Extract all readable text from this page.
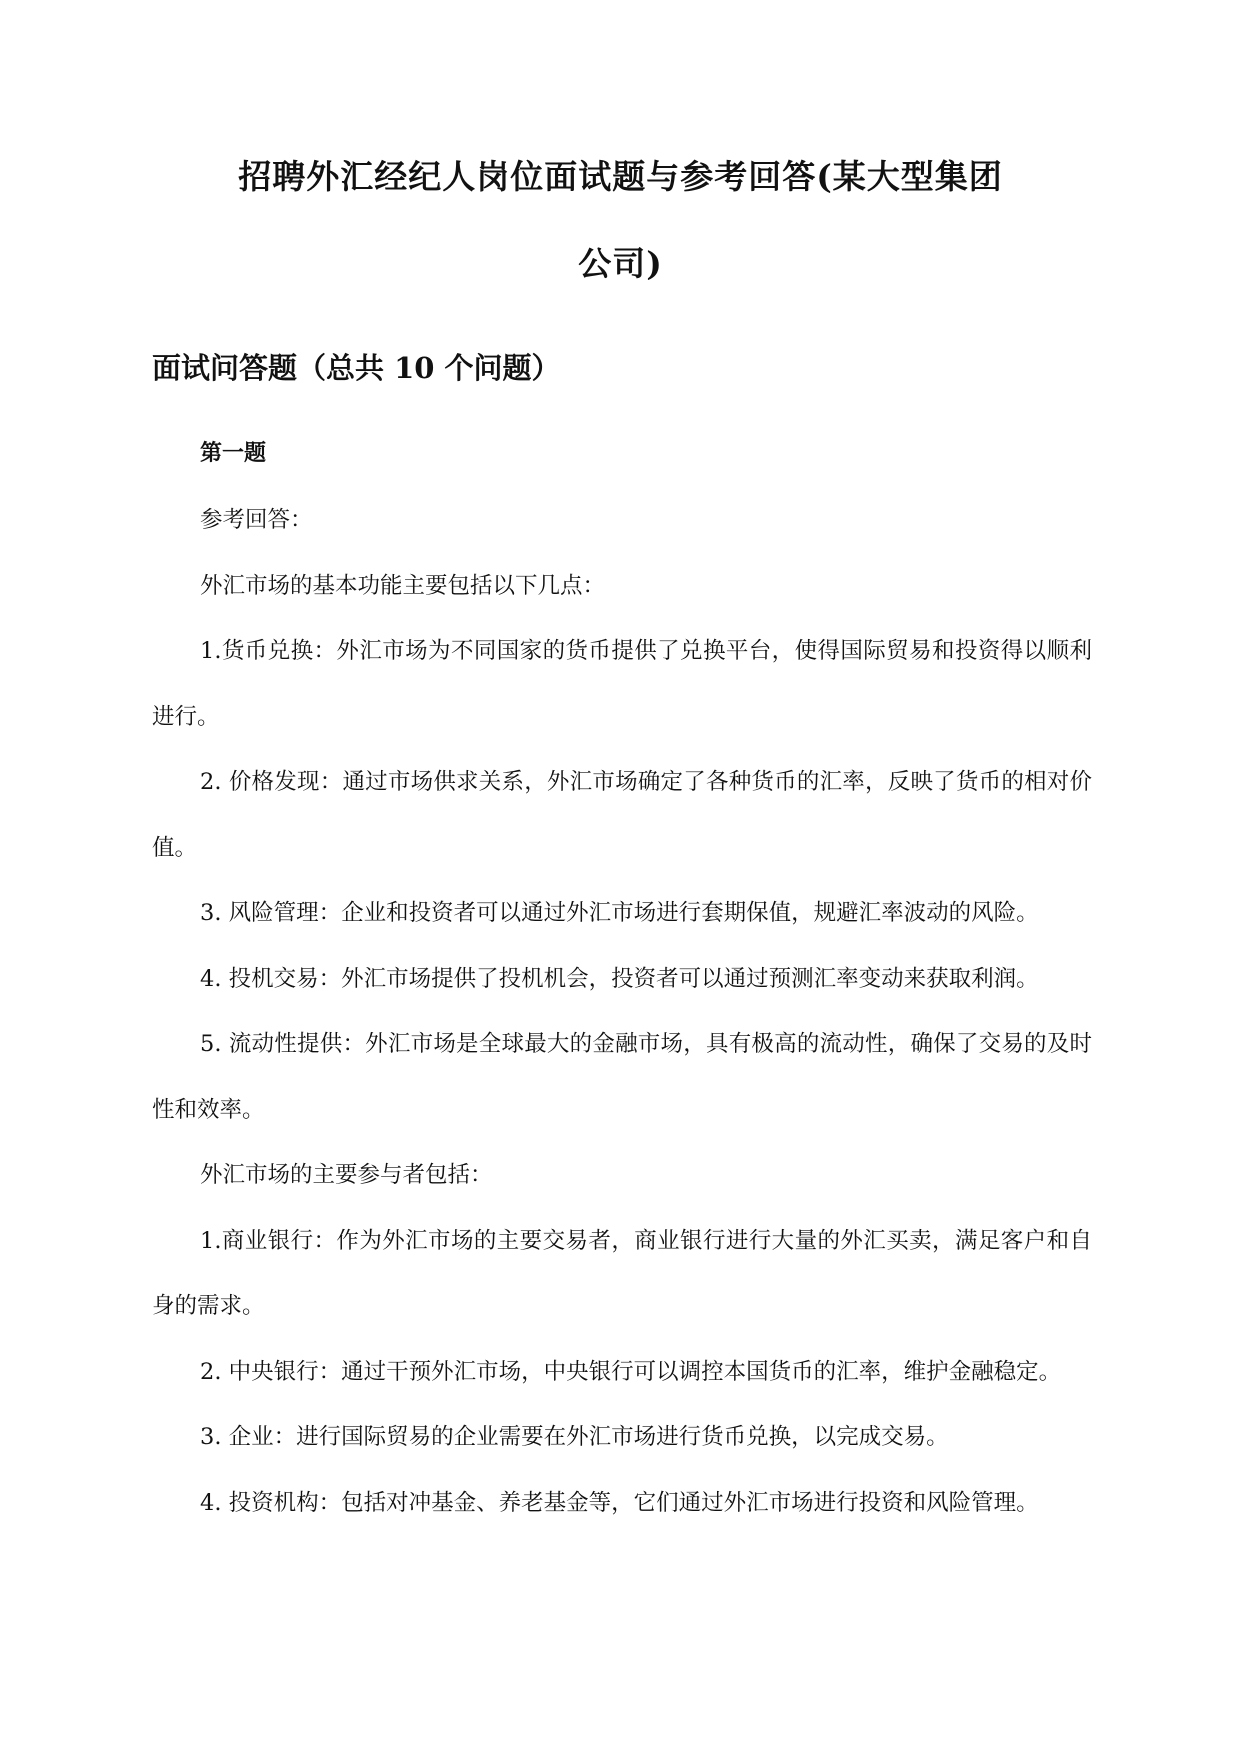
招聘外汇经纪人岗位面试题与参考回答(某大型集团
公司)
面试问答题（总共 10 个问题）
第一题

参考回答：

外汇市场的基本功能主要包括以下几点：

1.货币兑换：外汇市场为不同国家的货币提供了兑换平台，使得国际贸易和投资得以顺利进行。

2. 价格发现：通过市场供求关系，外汇市场确定了各种货币的汇率，反映了货币的相对价值。

3. 风险管理：企业和投资者可以通过外汇市场进行套期保值，规避汇率波动的风险。

4. 投机交易：外汇市场提供了投机机会，投资者可以通过预测汇率变动来获取利润。

5. 流动性提供：外汇市场是全球最大的金融市场，具有极高的流动性，确保了交易的及时性和效率。

外汇市场的主要参与者包括：

1.商业银行：作为外汇市场的主要交易者，商业银行进行大量的外汇买卖，满足客户和自身的需求。

2. 中央银行：通过干预外汇市场，中央银行可以调控本国货币的汇率，维护金融稳定。

3. 企业：进行国际贸易的企业需要在外汇市场进行货币兑换，以完成交易。

4. 投资机构：包括对冲基金、养老基金等，它们通过外汇市场进行投资和风险管理。
